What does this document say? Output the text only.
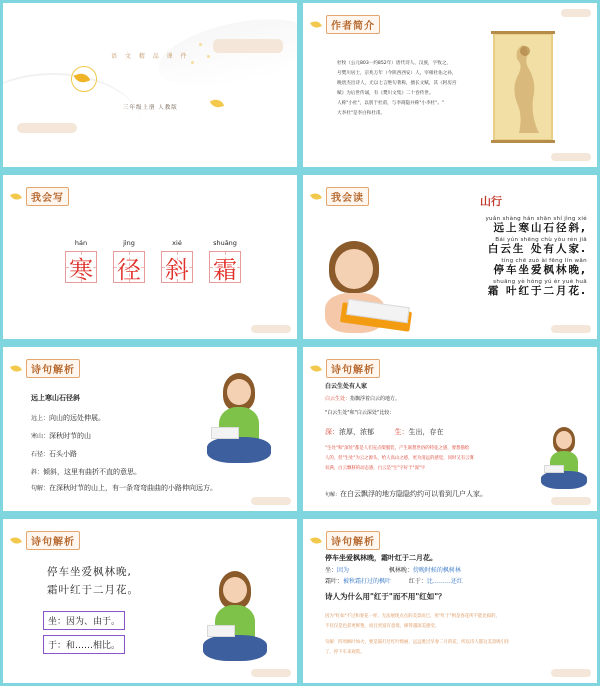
语 文 精 品 课 件
三年级上册 人教版
作者简介
杜牧（公元803－约852年）唐代诗人、汉族，字牧之，
号樊川居士，京兆万年（今陕西西安）人，宰相杜佑之孙，
晚唐杰出诗人，尤以七言绝句著称，擅长文赋，其《阿房宫
赋》为后世传诵，有《樊川文集》二十卷传世。
人称"小杜"，以别于杜甫，与李商隐并称"小李杜"。"
大李杜"是李白和杜甫。
我会写
hán
寒
jìng
径
xié
斜
shuāng
霜
我会读	山行
yuǎn shàng hán shān shí jìng xié
远上寒山石径斜,
Bái yún shēng chù yǒu rén jiā
白云生 处有人家.
tíng chē zuò ài fēng lín wǎn
停车坐爱枫林晚,
shuāng yè hóng yú èr yuè huā
霜 叶红于二月花.
诗句解析
远上寒山石径斜
远上：向山的远处伸展。
寒山：深秋时节的山
石径：石头小路
斜：倾斜，这里有曲折不直的意思。
句解：在深秋时节的山上，有一条弯弯曲曲的小路伸向远方。
诗句解析
白云生处有人家
白云生处：指飘浮着白云的地方。
"白云生处"和"白云深处"比较：
深：浓厚，浓郁	生：生出，存在
"生处"和"深处"都是人们充点缀服装，产生联想世俗的特征之感，要想描绘
人的，但"生处"为云之源头，给人高山之感，更为清远的感觉，同时又有云雾
贫满，白云飘移的动态感，白云是"生"字好于"深"字
句解：在白云飘浮的地方隐隐约约可以看到几户人家。
诗句解析
停车坐爱枫林晚,
霜叶红于二月花。
坐：因为、由于。
于：和……相比。
诗句解析
停车坐爱枫林晚，霜叶红于二月花。
坐：因为	枫林晚：傍晚时候的枫树林
霜叶：被秋霜打过的枫叶	红于：比………还红
诗人为什么用"红于"而不用"红如"？
因为"红如"不过和春花一样，无法展现点点的美景而已，用"红于"则是春花所不能比拟的，
不仅仅是色彩更鲜艳，而且更富有意境，修得越深美感受。
句解：四周枫叶如火，要是霜打过红叶绮丽，远远胜过早春二月的花，所以诗人都这美景吸引住
了，停下车来观赏。
